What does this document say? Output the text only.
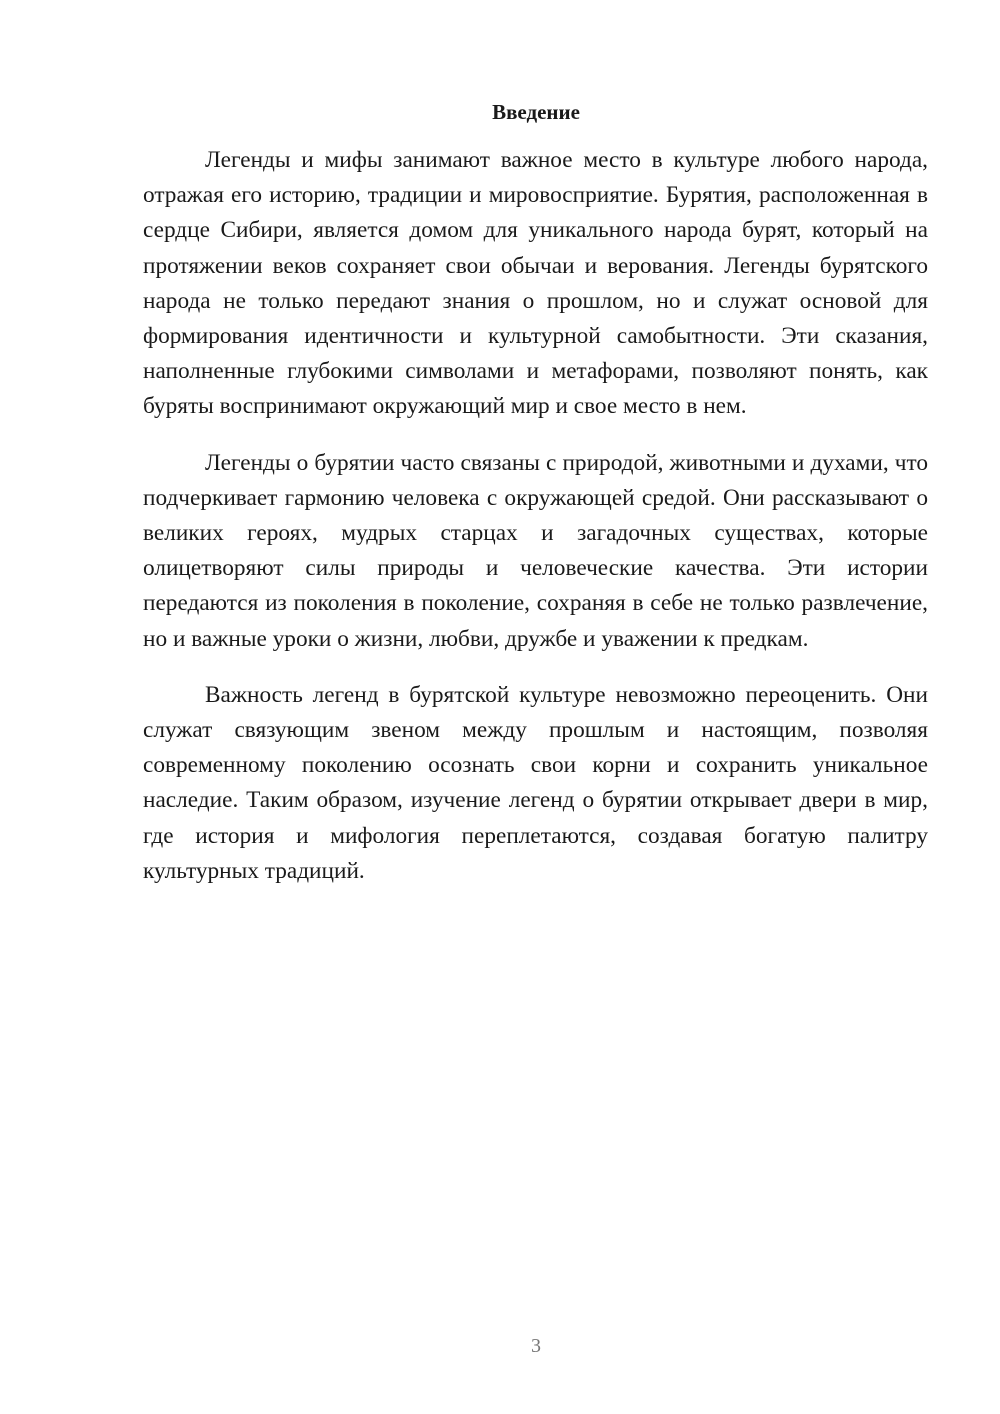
Введение

Легенды и мифы занимают важное место в культуре любого народа, отражая его историю, традиции и мировосприятие. Бурятия, расположенная в сердце Сибири, является домом для уникального народа бурят, который на протяжении веков сохраняет свои обычаи и верования. Легенды бурятского народа не только передают знания о прошлом, но и служат основой для формирования идентичности и культурной самобытности. Эти сказания, наполненные глубокими символами и метафорами, позволяют понять, как буряты воспринимают окружающий мир и свое место в нем.

Легенды о бурятии часто связаны с природой, животными и духами, что подчеркивает гармонию человека с окружающей средой. Они рассказывают о великих героях, мудрых старцах и загадочных существах, которые олицетворяют силы природы и человеческие качества. Эти истории передаются из поколения в поколение, сохраняя в себе не только развлечение, но и важные уроки о жизни, любви, дружбе и уважении к предкам.

Важность легенд в бурятской культуре невозможно переоценить. Они служат связующим звеном между прошлым и настоящим, позволяя современному поколению осознать свои корни и сохранить уникальное наследие. Таким образом, изучение легенд о бурятии открывает двери в мир, где история и мифология переплетаются, создавая богатую палитру культурных традиций.

3
